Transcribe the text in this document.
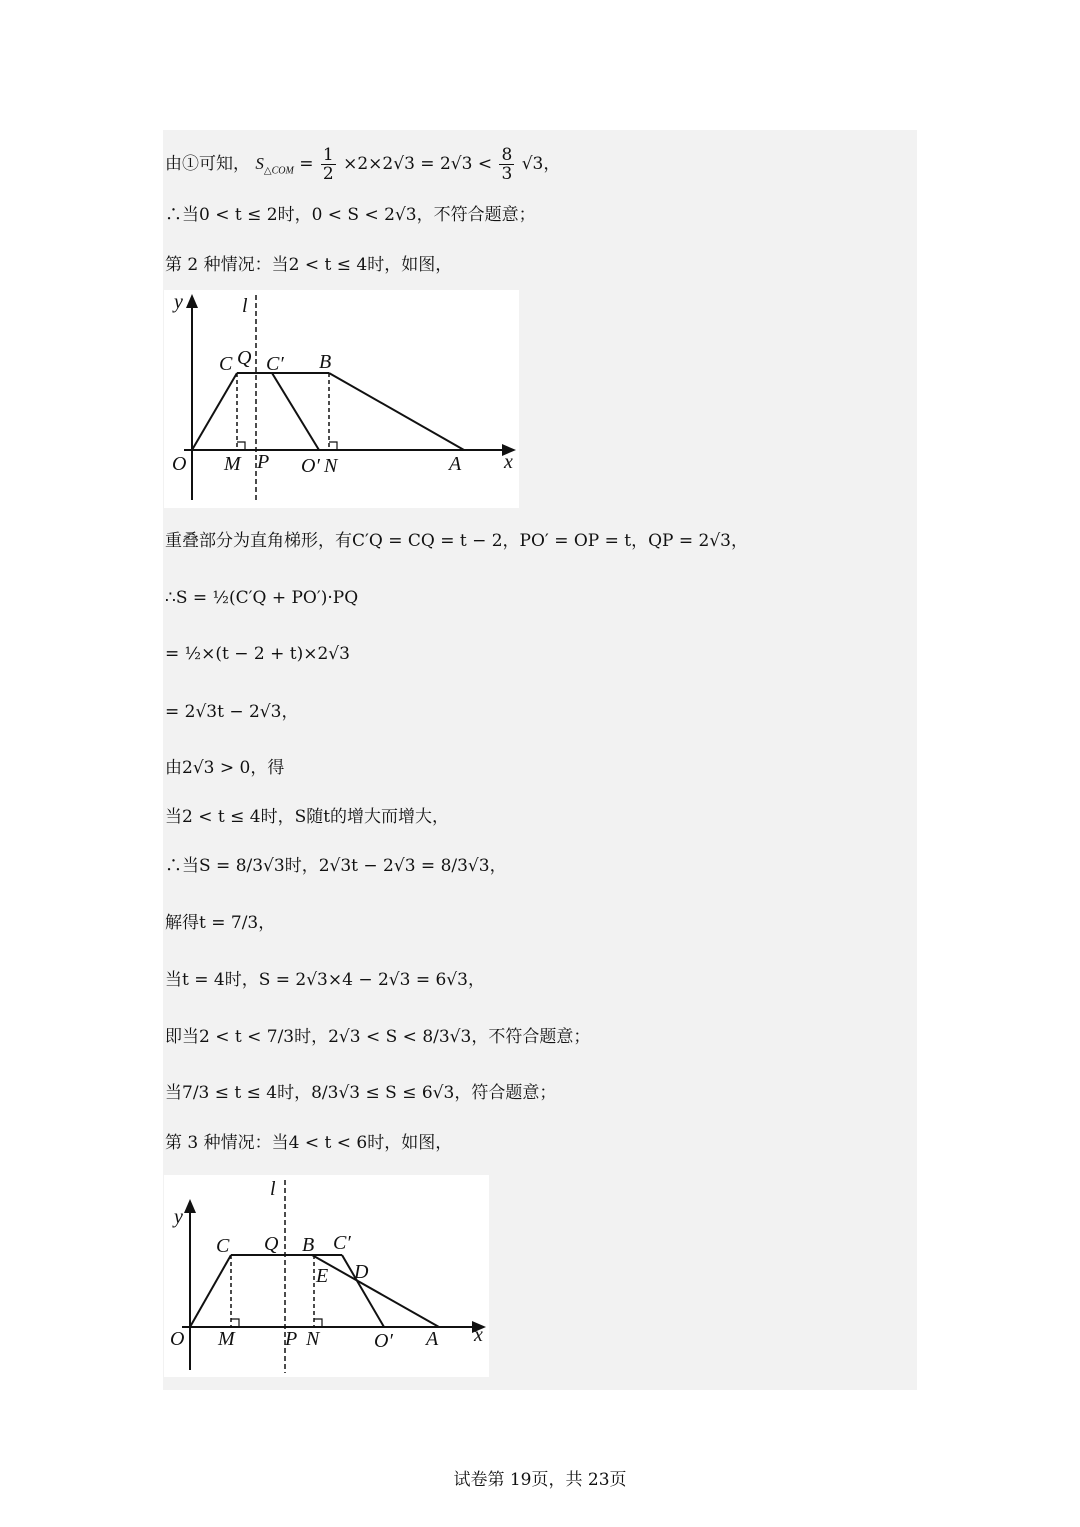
由①可知， $S_{\triangle COM} = \frac{1}{2} \times 2\times 2√3 = 2√3 < \frac{8}{3} √3$，
∴当0 < t ≤ 2时，0 < S < 2√3，不符合题意；
第 2 种情况：当2 < t ≤ 4时，如图，
y	l
C Q C′ B
O M P O′ N	A x
重叠部分为直角梯形，有C′Q = CQ = t − 2，PO′ = OP = t，QP = 2√3，
∴S = ½(C′Q + PO′)·PQ
= ½×(t − 2 + t)×2√3
= 2√3t − 2√3，
由2√3 > 0，得
当2 < t ≤ 4时，S随t的增大而增大，
∴当S = 8/3√3时，2√3t − 2√3 = 8/3√3，
解得t = 7/3，
当t = 4时，S = 2√3×4 − 2√3 = 6√3，
即当2 < t < 7/3时，2√3 < S < 8/3√3，不符合题意；
当7/3 ≤ t ≤ 4时，8/3√3 ≤ S ≤ 6√3，符合题意；
第 3 种情况：当4 < t < 6时，如图，
y
l
C Q B C′
E D
O M	P N	O′ A x
试卷第 19页，共 23页
